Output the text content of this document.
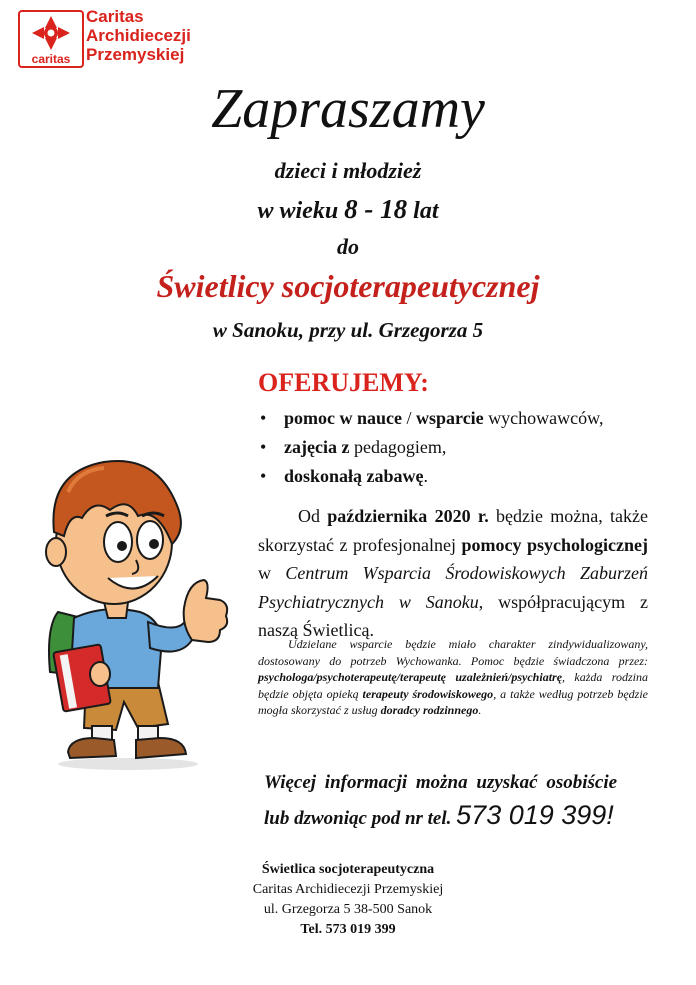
caritas
Caritas
Archidiecezji
Przemyskiej
Zapraszamy
dzieci i młodzież
w wieku 8 - 18 lat
do
Świetlicy socjoterapeutycznej
w Sanoku, przy ul. Grzegorza 5
OFERUJEMY:
• pomoc w nauce / wsparcie wychowawców,
• zajęcia z pedagogiem,
• doskonałą zabawę.
Od października 2020 r. będzie można, także skorzystać z profesjonalnej pomocy psychologicznej w Centrum Wsparcia Środowiskowych Zaburzeń Psychiatrycznych w Sanoku, współpracującym z naszą Świetlicą.
Udzielane wsparcie będzie miało charakter zindywidualizowany, dostosowany do potrzeb Wychowanka. Pomoc będzie świadczona przez: psychologa/psychoterapeutę/terapeutę uzależnień/psychiatrę, każda rodzina będzie objęta opieką terapeuty środowiskowego, a także według potrzeb będzie mogła skorzystać z usług doradcy rodzinnego.
Więcej informacji można uzyskać osobiście
lub dzwoniąc pod nr tel. 573 019 399!
Świetlica socjoterapeutyczna
Caritas Archidiecezji Przemyskiej
ul. Grzegorza 5 38-500 Sanok
Tel. 573 019 399
